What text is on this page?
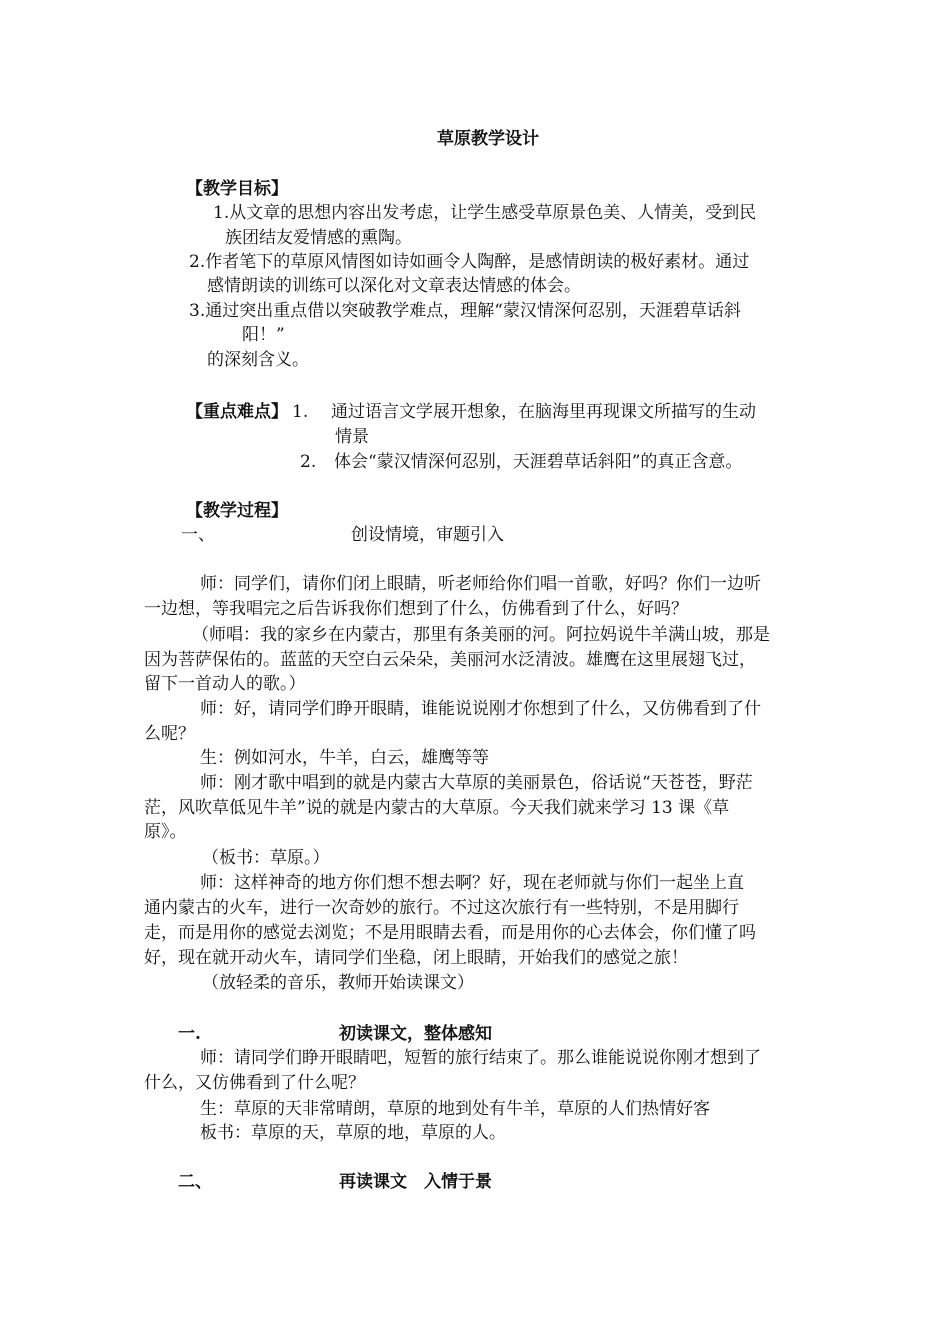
草原教学设计
【教学目标】
1.从文章的思想内容出发考虑，让学生感受草原景色美、人情美，受到民
族团结友爱情感的熏陶。
2.作者笔下的草原风情图如诗如画令人陶醉，是感情朗读的极好素材。通过
感情朗读的训练可以深化对文章表达情感的体会。
3.通过突出重点借以突破教学难点，理解“蒙汉情深何忍别，天涯碧草话斜
阳！”
的深刻含义。
【重点难点】 1. 通过语言文学展开想象，在脑海里再现课文所描写的生动
情景
2. 体会“蒙汉情深何忍别，天涯碧草话斜阳”的真正含意。
【教学过程】
一、	创设情境，审题引入
师：同学们，请你们闭上眼睛，听老师给你们唱一首歌，好吗？你们一边听
一边想，等我唱完之后告诉我你们想到了什么，仿佛看到了什么，好吗？
（师唱：我的家乡在内蒙古，那里有条美丽的河。阿拉妈说牛羊满山坡，那是
因为菩萨保佑的。蓝蓝的天空白云朵朵，美丽河水泛清波。雄鹰在这里展翅飞过，
留下一首动人的歌。）
师：好，请同学们睁开眼睛，谁能说说刚才你想到了什么，又仿佛看到了什
么呢？
生：例如河水，牛羊，白云，雄鹰等等
师：刚才歌中唱到的就是内蒙古大草原的美丽景色，俗话说“天苍苍，野茫
茫，风吹草低见牛羊”说的就是内蒙古的大草原。今天我们就来学习 13 课《草
原》。
（板书：草原。）
师：这样神奇的地方你们想不想去啊？好，现在老师就与你们一起坐上直
通内蒙古的火车，进行一次奇妙的旅行。不过这次旅行有一些特别，不是用脚行
走，而是用你的感觉去浏览；不是用眼睛去看，而是用你的心去体会，你们懂了吗
好，现在就开动火车，请同学们坐稳，闭上眼睛，开始我们的感觉之旅！
（放轻柔的音乐，教师开始读课文）
一.	初读课文，整体感知
师：请同学们睁开眼睛吧，短暂的旅行结束了。那么谁能说说你刚才想到了
什么，又仿佛看到了什么呢？
生：草原的天非常晴朗，草原的地到处有牛羊，草原的人们热情好客
板书：草原的天，草原的地，草原的人。
二、	再读课文　入情于景
